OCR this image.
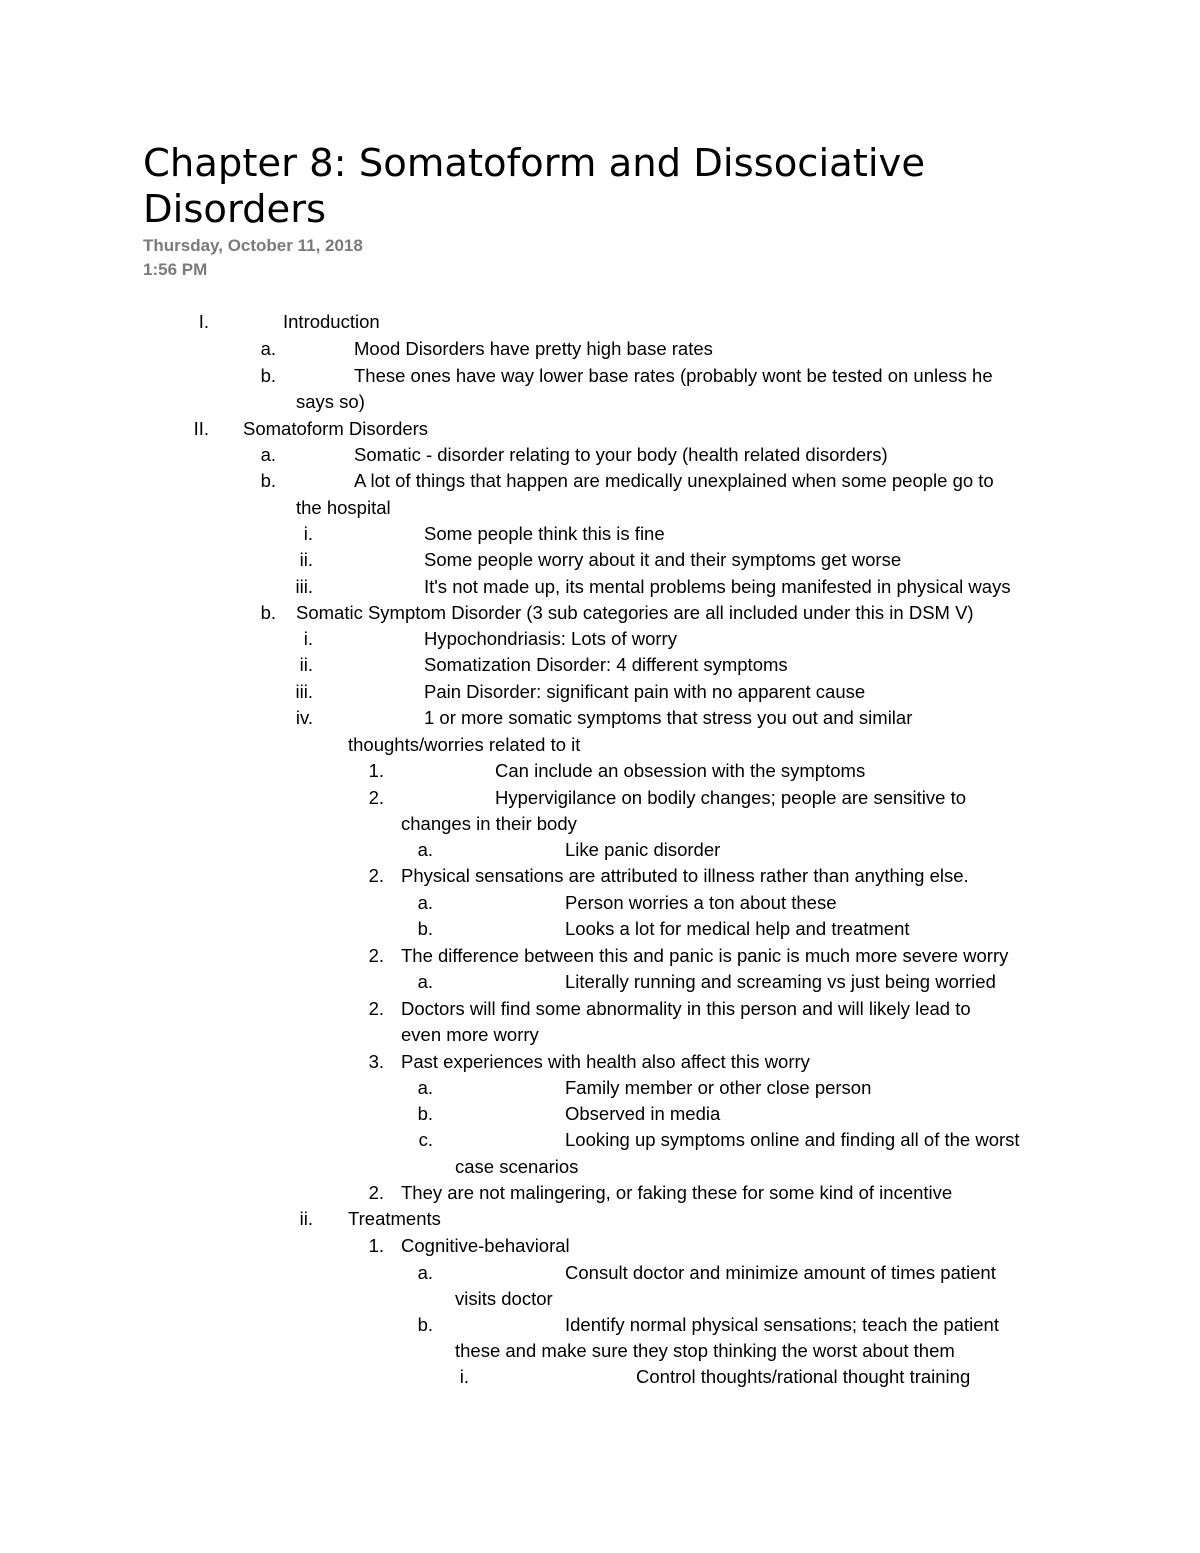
Chapter 8: Somatoform and Dissociative Disorders
Thursday, October 11, 2018
1:56 PM
I.	Introduction
a.	Mood Disorders have pretty high base rates
b.	These ones have way lower base rates (probably wont be tested on unless he
says so)
II. Somatoform Disorders
a.	Somatic - disorder relating to your body (health related disorders)
b.	A lot of things that happen are medically unexplained when some people go to
the hospital
i.	Some people think this is fine
ii.	Some people worry about it and their symptoms get worse
iii.	It's not made up, its mental problems being manifested in physical ways
b. Somatic Symptom Disorder (3 sub categories are all included under this in DSM V)
i.	Hypochondriasis: Lots of worry
ii.	Somatization Disorder: 4 different symptoms
iii.	Pain Disorder: significant pain with no apparent cause
iv.	1 or more somatic symptoms that stress you out and similar
thoughts/worries related to it
1.	Can include an obsession with the symptoms
2.	Hypervigilance on bodily changes; people are sensitive to
changes in their body
a.	Like panic disorder
2. Physical sensations are attributed to illness rather than anything else.
a.	Person worries a ton about these
b.	Looks a lot for medical help and treatment
2. The difference between this and panic is panic is much more severe worry
a.	Literally running and screaming vs just being worried
2. Doctors will find some abnormality in this person and will likely lead to
even more worry
3. Past experiences with health also affect this worry
a.	Family member or other close person
b.	Observed in media
c.	Looking up symptoms online and finding all of the worst
case scenarios
2. They are not malingering, or faking these for some kind of incentive
ii. Treatments
1. Cognitive-behavioral
a.	Consult doctor and minimize amount of times patient
visits doctor
b.	Identify normal physical sensations; teach the patient
these and make sure they stop thinking the worst about them
i.	Control thoughts/rational thought training
